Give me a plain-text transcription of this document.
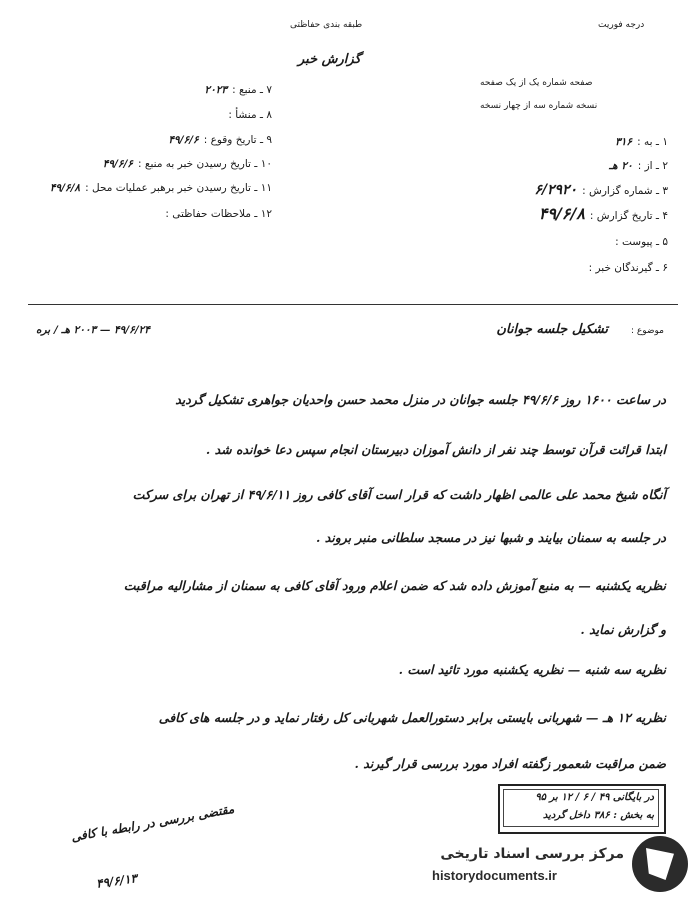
درجه فوریت
طبقه بندی حفاظتی
گزارش خبر
صفحه شماره یک از یک صفحه
نسخه شماره سه از چهار نسخه
۷ ـ منبع : ۲۰۲۳
۸ ـ منشأ :
۹ ـ تاریخ وقوع : ۴۹/۶/۶
۱۰ ـ تاریخ رسیدن خبر به منبع : ۴۹/۶/۶
۱۱ ـ تاریخ رسیدن خبر برهبر عملیات محل : ۴۹/۶/۸
۱۲ ـ ملاحظات حفاظتی :
۱ ـ به : ۳۱۶
۲ ـ از : ۲۰ هـ
۳ ـ شماره گزارش : ۶/۲۹۲۰
۴ ـ تاریخ گزارش : ۴۹/۶/۸
۵ ـ پیوست :
۶ ـ گیرندگان خبر :
موضوع :
تشکیل جلسه جوانان
۴۹/۶/۲۴ — ۲۰۰۳ هـ / بره
در ساعت ۱۶۰۰ روز ۴۹/۶/۶ جلسه جوانان در منزل محمد حسن واحدیان جواهری تشکیل گردید
ابتدا قرائت قرآن توسط چند نفر از دانش آموزان دبیرستان انجام سپس دعا خوانده شد .
آنگاه شیخ محمد علی عالمی اظهار داشت که قرار است آقای کافی روز ۴۹/۶/۱۱ از تهران برای سرکت
در جلسه به سمنان بیایند و شبها نیز در مسجد سلطانی منبر بروند .
نظریه یکشنبه — به منبع آموزش داده شد که ضمن اعلام ورود آقای کافی به سمنان از مشارالیه مراقبت
و گزارش نماید .
نظریه سه شنبه — نظریه یکشنبه مورد تائید است .
نظریه ۱۲ هـ — شهربانی بایستی برابر دستورالعمل شهربانی کل رفتار نماید و در جلسه های کافی
ضمن مراقبت شعمور زگفته افراد مورد بررسی قرار گیرند .
در بایگانی ۴۹ / ۶ / ۱۲ بر ۹۵
به بخش : ۳۸۶ داخل گردید
مقتضی بررسی در رابطه با کافی
۴۹/۶/۱۳
مرکز بررسی اسناد تاریخی
historydocuments.ir
